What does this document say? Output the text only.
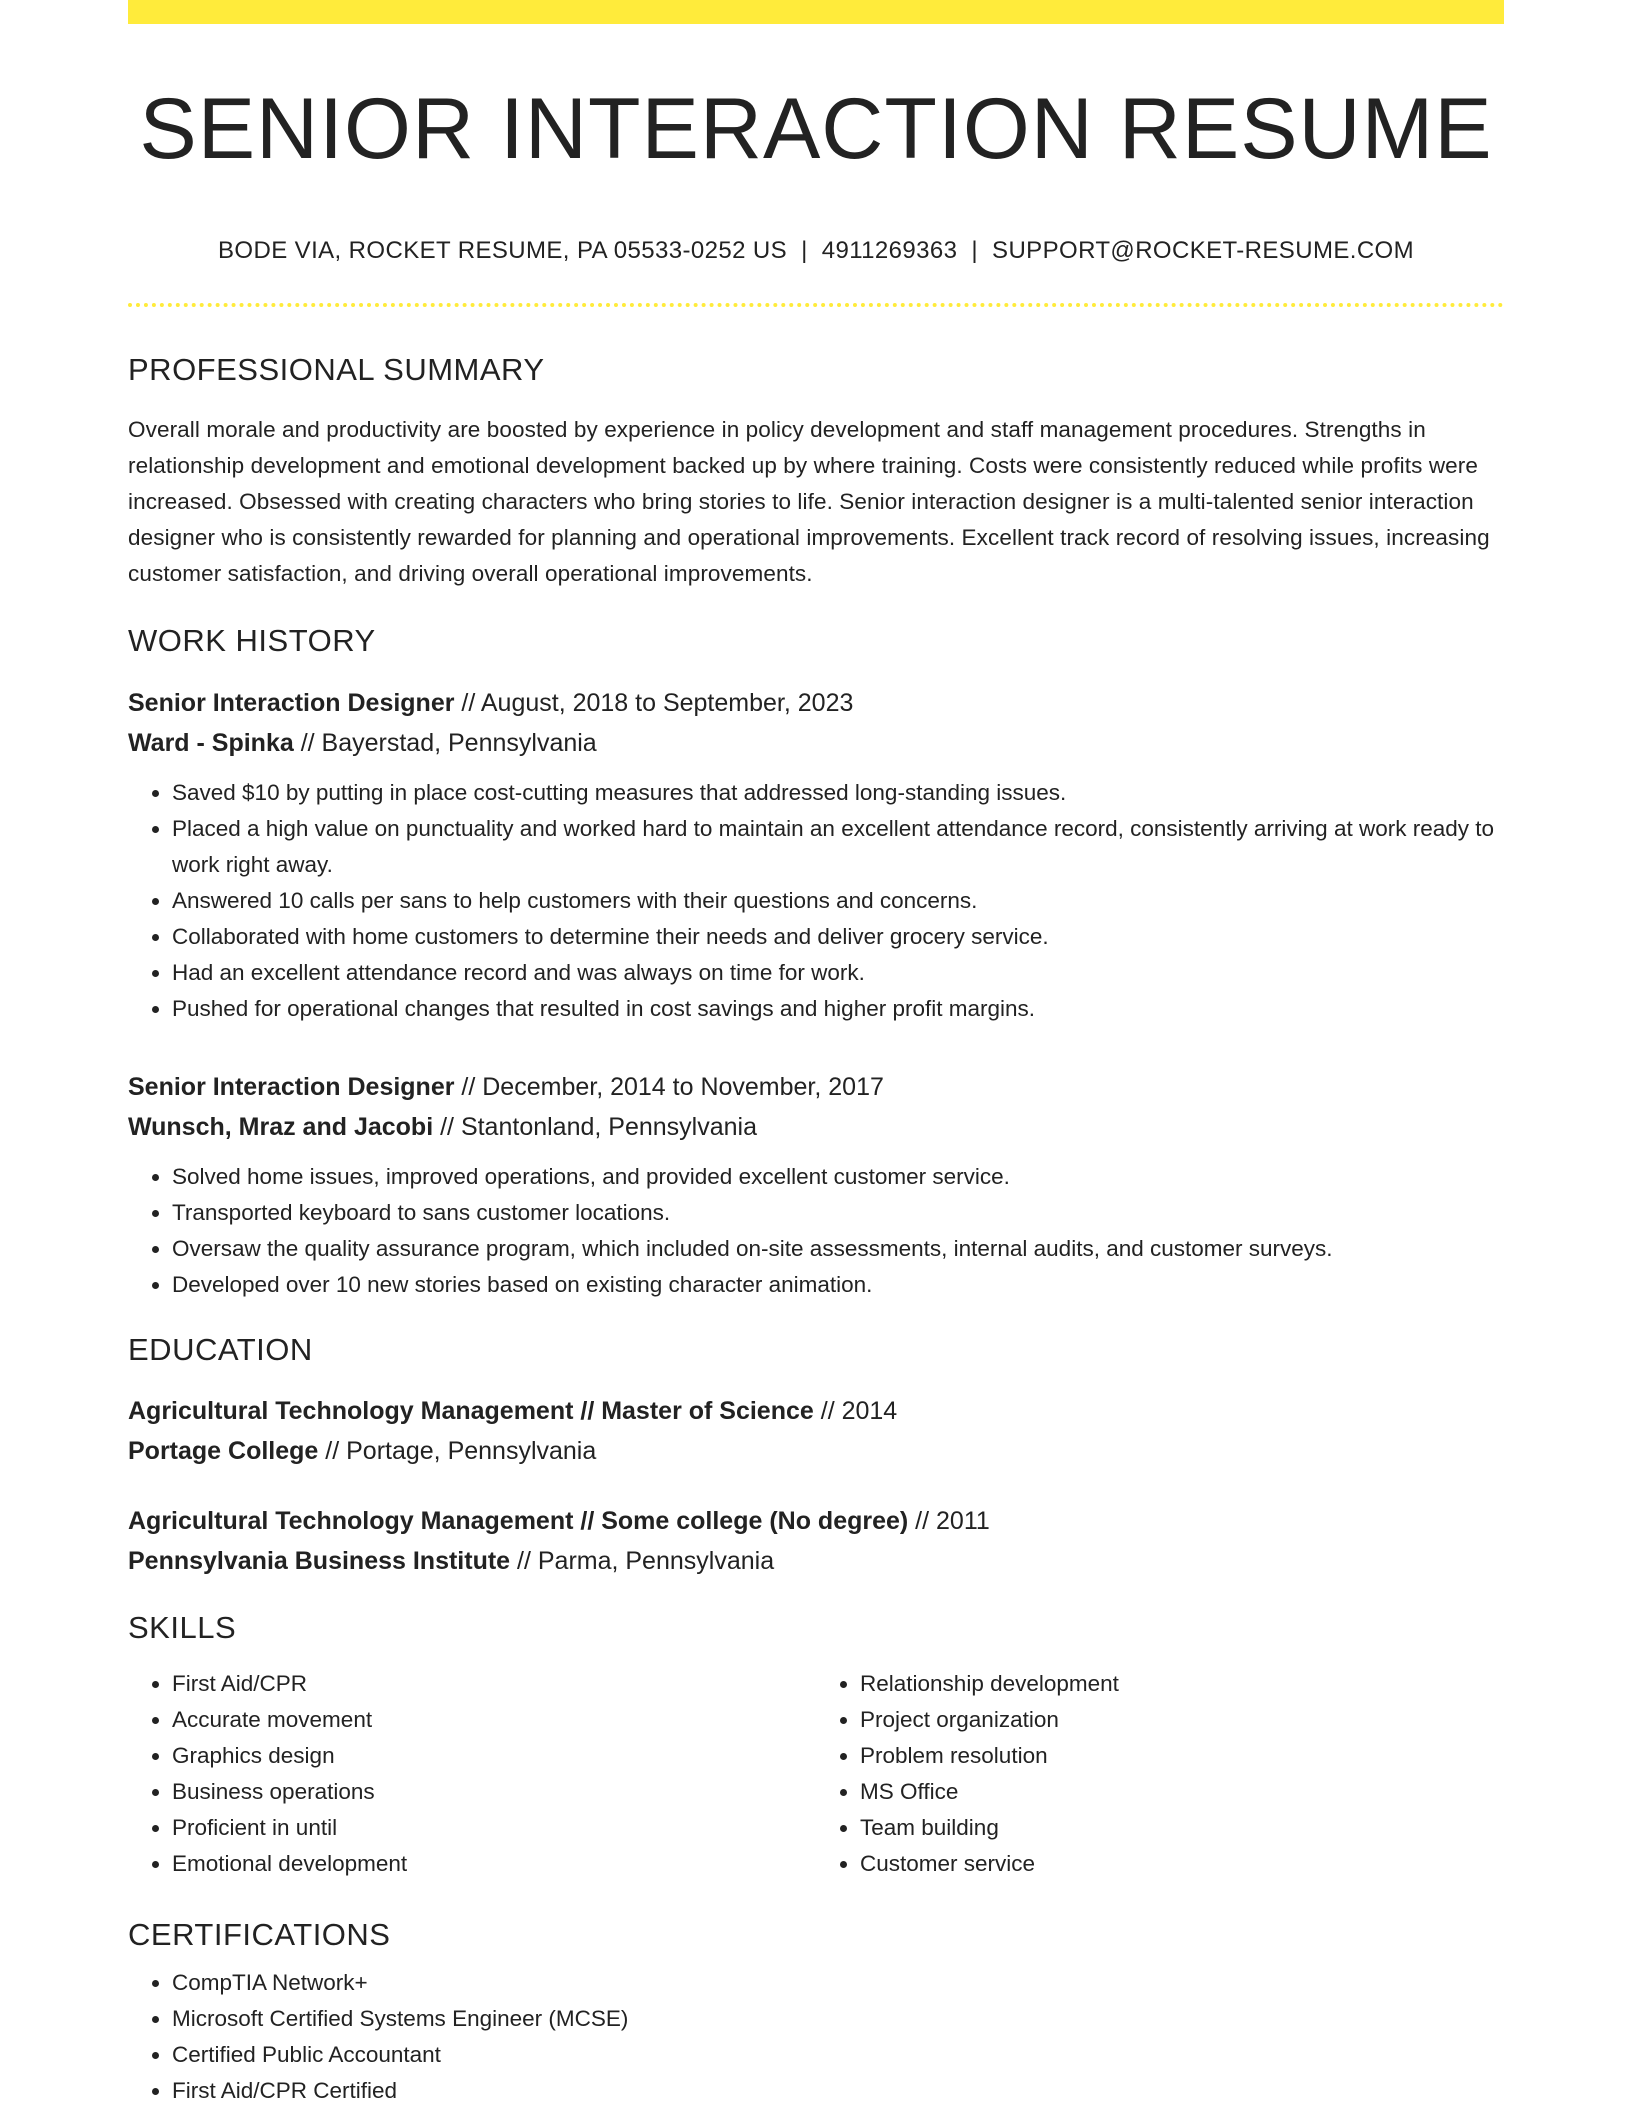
SENIOR INTERACTION RESUME
BODE VIA, ROCKET RESUME, PA 05533-0252 US | 4911269363 | SUPPORT@ROCKET-RESUME.COM
PROFESSIONAL SUMMARY

Overall morale and productivity are boosted by experience in policy development and staff management procedures. Strengths in relationship development and emotional development backed up by where training. Costs were consistently reduced while profits were increased. Obsessed with creating characters who bring stories to life. Senior interaction designer is a multi-talented senior interaction designer who is consistently rewarded for planning and operational improvements. Excellent track record of resolving issues, increasing customer satisfaction, and driving overall operational improvements.

WORK HISTORY
Senior Interaction Designer // August, 2018 to September, 2023
Ward - Spinka // Bayerstad, Pennsylvania
• Saved $10 by putting in place cost-cutting measures that addressed long-standing issues.
• Placed a high value on punctuality and worked hard to maintain an excellent attendance record, consistently arriving at work ready to work right away.
• Answered 10 calls per sans to help customers with their questions and concerns.
• Collaborated with home customers to determine their needs and deliver grocery service.
• Had an excellent attendance record and was always on time for work.
• Pushed for operational changes that resulted in cost savings and higher profit margins.
Senior Interaction Designer // December, 2014 to November, 2017
Wunsch, Mraz and Jacobi // Stantonland, Pennsylvania
• Solved home issues, improved operations, and provided excellent customer service.
• Transported keyboard to sans customer locations.
• Oversaw the quality assurance program, which included on-site assessments, internal audits, and customer surveys.
• Developed over 10 new stories based on existing character animation.
EDUCATION
Agricultural Technology Management // Master of Science // 2014
Portage College // Portage, Pennsylvania
Agricultural Technology Management // Some college (No degree) // 2011
Pennsylvania Business Institute // Parma, Pennsylvania
SKILLS
• First Aid/CPR
• Accurate movement
• Graphics design
• Business operations
• Proficient in until
• Emotional development
• Relationship development
• Project organization
• Problem resolution
• MS Office
• Team building
• Customer service
CERTIFICATIONS
• CompTIA Network+
• Microsoft Certified Systems Engineer (MCSE)
• Certified Public Accountant
• First Aid/CPR Certified
